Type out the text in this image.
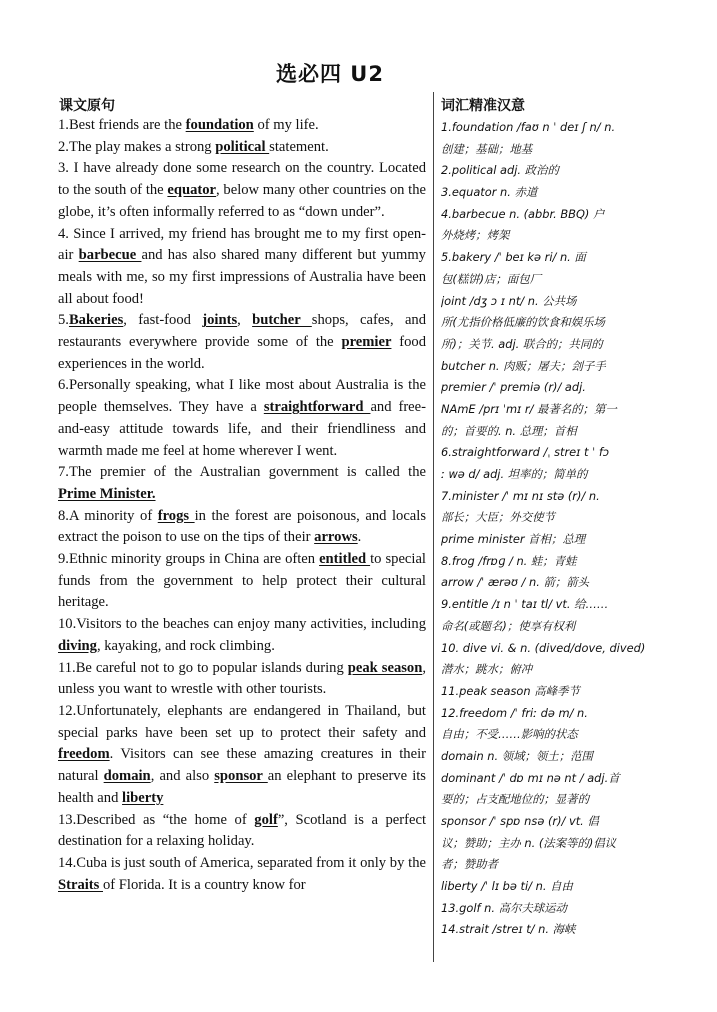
选必四 U2
课文原句	词汇精准汉意

1.Best friends are the foundation of my life.

2.The play makes a strong political statement.

3. I have already done some research on the country. Located to the south of the equator, below many other countries on the globe, it’s often informally referred to as “down under”.

4. Since I arrived, my friend has brought me to my first open-air barbecue and has also shared many different but yummy meals with me, so my first impressions of Australia have been all about food!

5.Bakeries, fast-food joints, butcher shops, cafes, and restaurants everywhere provide some of the premier food experiences in the world.

6.Personally speaking, what I like most about Australia is the people themselves. They have a straightforward and free-and-easy attitude towards life, and their friendliness and warmth made me feel at home wherever I went.

7.The premier of the Australian government is called the Prime Minister.

8.A minority of frogs in the forest are poisonous, and locals extract the poison to use on the tips of their arrows.

9.Ethnic minority groups in China are often entitled to special funds from the government to help protect their cultural heritage.

10.Visitors to the beaches can enjoy many activities, including diving, kayaking, and rock climbing.

11.Be careful not to go to popular islands during peak season, unless you want to wrestle with other tourists.

12.Unfortunately, elephants are endangered in Thailand, but special parks have been set up to protect their safety and freedom. Visitors can see these amazing creatures in their natural domain, and also sponsor an elephant to preserve its health and liberty

13.Described as “the home of golf”, Scotland is a perfect destination for a relaxing holiday.

14.Cuba is just south of America, separated from it only by the Straits of Florida. It is a country know for

1.foundation /faʊ n ˈ deɪ ʃ n/ n.
创建；基础；地基
2.political adj. 政治的
3.equator n. 赤道
4.barbecue n. (abbr. BBQ) 户
外烧烤；烤架
5.bakery /ˈ beɪ kə ri/ n. 面
包(糕饼)店；面包厂
joint /dʒ ɔ ɪ nt/ n. 公共场
所(尤指价格低廉的饮食和娱乐场
所)；关节. adj. 联合的；共同的
butcher n. 肉贩；屠夫；刽子手
premier /ˈ premiə (r)/ adj.
NAmE /prɪ ˈmɪ r/ 最著名的；第一
的；首要的. n. 总理；首相
6.straightforward /ˌ streɪ t ˈ fɔ
ː wə d/ adj. 坦率的；简单的
7.minister /ˈ mɪ nɪ stə (r)/ n.
部长；大臣；外交使节
prime minister 首相；总理
8.frog /frɒɡ / n. 蛙；青蛙
arrow /ˈ ærəʊ / n. 箭；箭头
9.entitle /ɪ n ˈ taɪ tl/ vt. 给……
命名(或题名)；使享有权利
10. dive vi. & n. (dived/dove, dived)
潜水；跳水；俯冲
11.peak season 高峰季节
12.freedom /ˈ friː də m/ n.
自由；不受……影响的状态
domain n. 领域；领土；范围
dominant /ˈ dɒ mɪ nə nt / adj.首
要的；占支配地位的；显著的
sponsor /ˈ spɒ nsə (r)/ vt. 倡
议；赞助；主办 n. (法案等的)倡议
者；赞助者
liberty /ˈ lɪ bə ti/ n. 自由
13.golf n. 高尔夫球运动
14.strait /streɪ t/ n. 海峡
